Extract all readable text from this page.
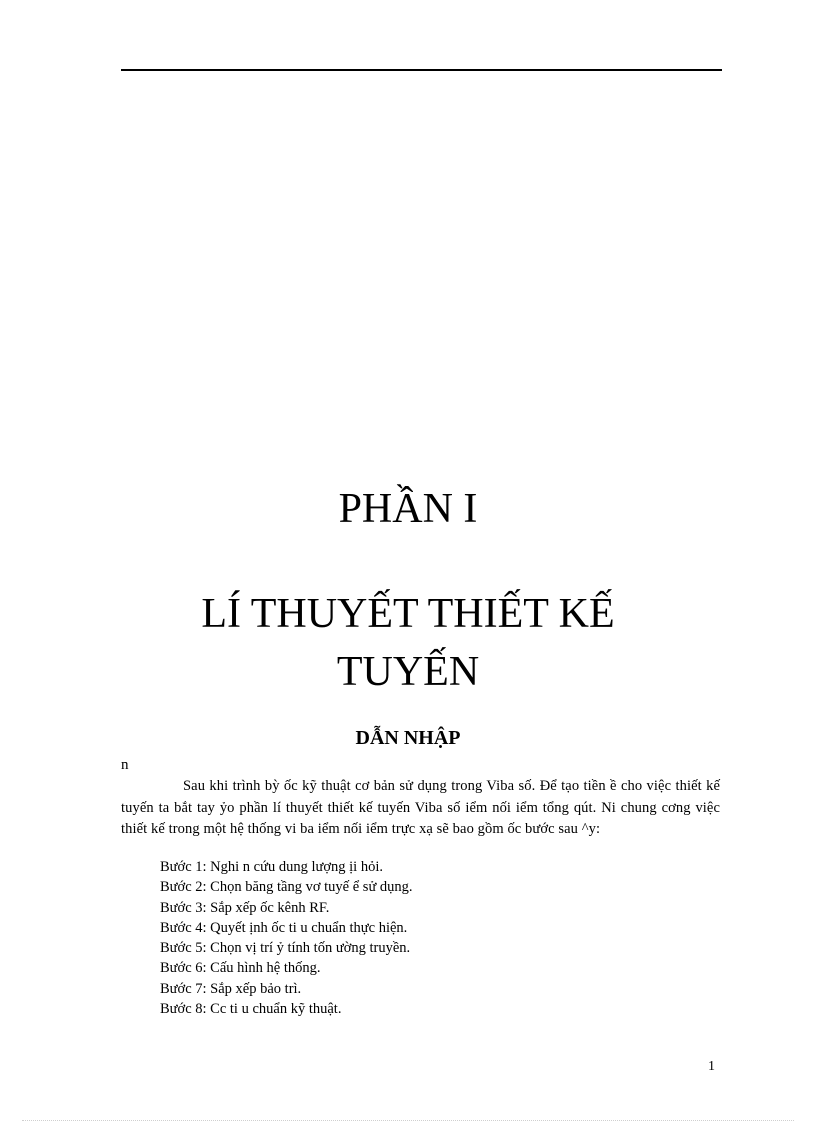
PHẦN I
LÍ THUYẾT THIẾT KẾ
TUYẾN
DẪN NHẬP
n

Sau khi trình bỳ ốc kỹ thuật cơ bản sử dụng trong Viba số. Để tạo tiền ề cho việc thiết kế tuyến ta bắt tay ỷo phần lí thuyết thiết kế tuyến Viba số iểm nối iểm tổng qút. Ni chung cơng việc thiết kế trong một hệ thống vi ba iểm nối iểm trực xạ sẽ bao gồm ốc bước sau ^y:

Bước 1: Nghi n cứu dung lượng ịi hỏi.
Bước 2: Chọn băng tầng vơ tuyế ể sử dụng.
Bước 3: Sắp xếp ốc kênh RF.
Bước 4: Quyết ịnh ốc ti u chuẩn thực hiện.
Bước 5: Chọn vị trí ỷ tính tốn ường truyền.
Bước 6: Cấu hình hệ thống.
Bước 7: Sắp xếp bảo trì.
Bước 8: Cc ti u chuẩn kỹ thuật.
1
